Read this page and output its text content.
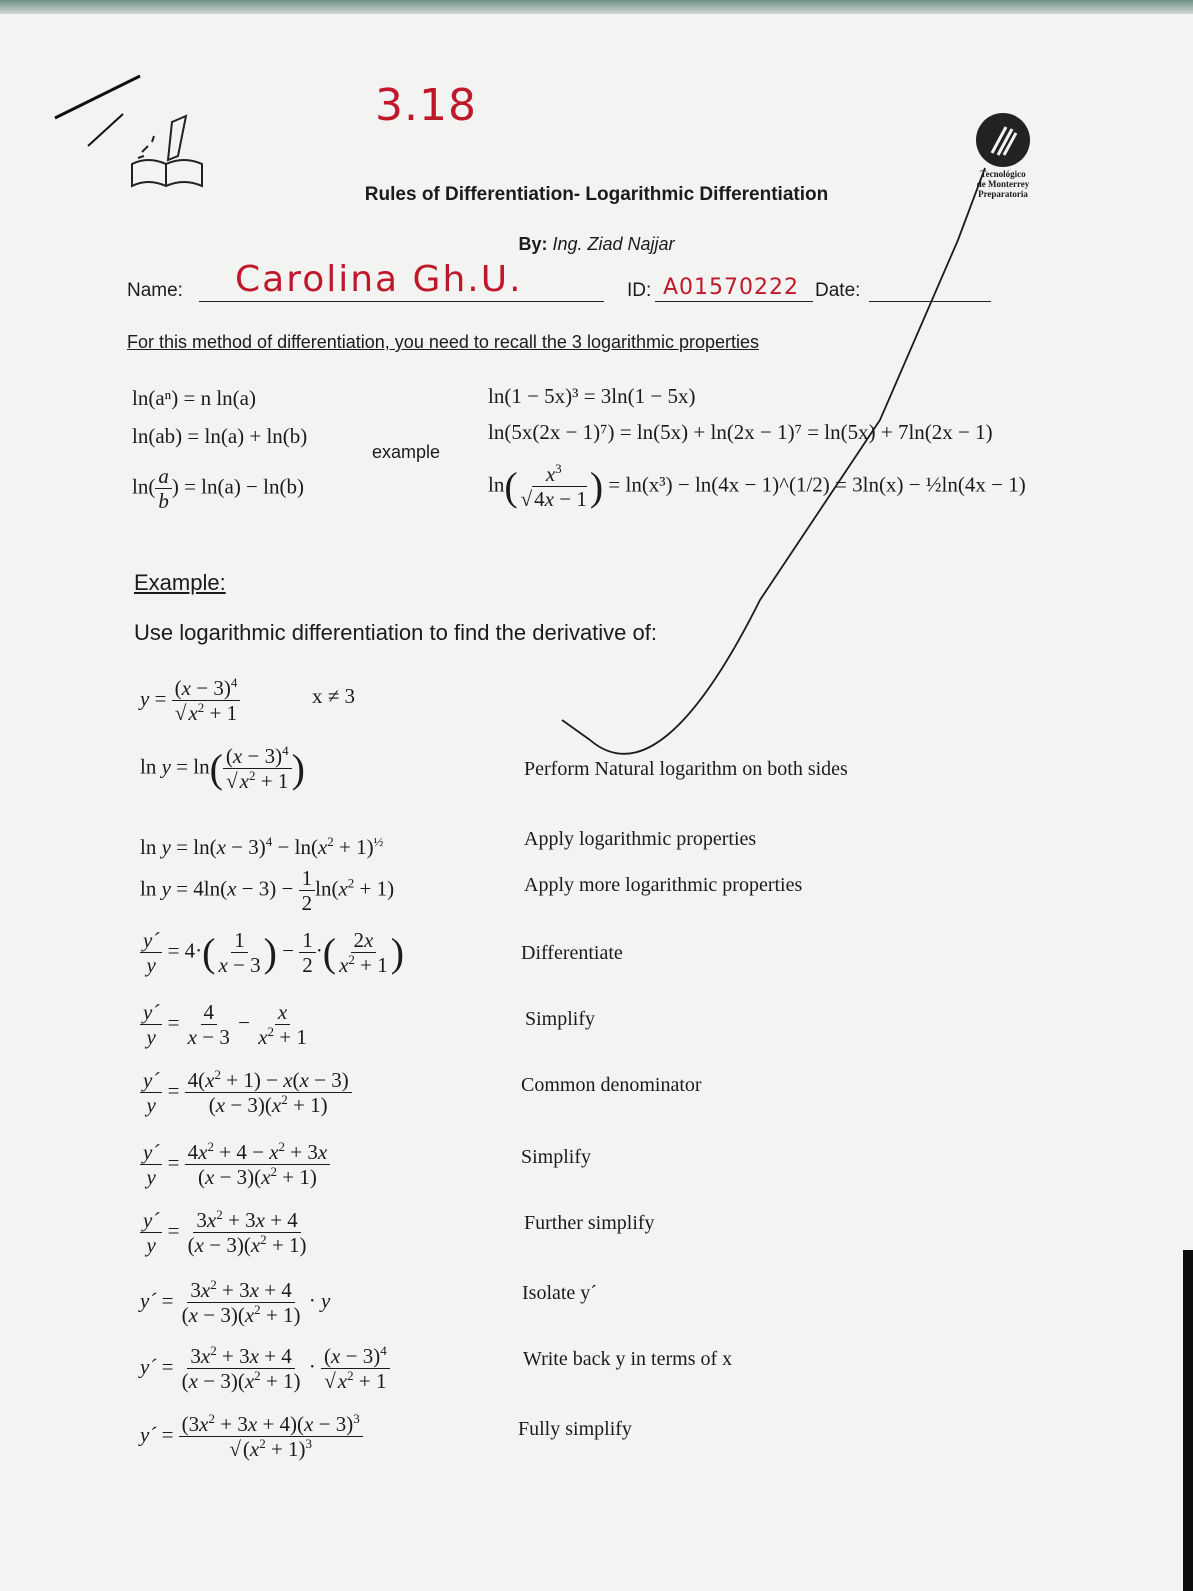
3.18
Tecnológico
de Monterrey
Preparatoria
Rules of Differentiation- Logarithmic Differentiation
By: Ing. Ziad Najjar
Name: Carolina Gh.U.	ID: A01570222 Date:
For this method of differentiation, you need to recall the 3 logarithmic properties
ln(aⁿ) = n ln(a)
ln(ab) = ln(a) + ln(b)
$\ln( \frac{a}{b}$ ) = ln(a) − ln(b)
example
ln(1 − 5x)³ = 3ln(1 − 5x)
ln(5x(2x − 1)⁷) = ln(5x) + ln(2x − 1)⁷ = ln(5x) + 7ln(2x − 1)
$\ln( \frac{x^3}{√4x - 1}$ ) = ln(x³) − ln(4x − 1)^(1/2) = 3ln(x) − ½ln(4x − 1)
Example:
Use logarithmic differentiation to find the derivative of:
$y = \frac{(x - 3)^4}{√x^2 + 1}$	x ≠ 3
$\ln y = \ln( \frac{(x - 3)^4}{√x^2 + 1}$ )	Perform Natural logarithm on both sides
$\ln y = \ln(x - 3)^4 - \ln(x^2 + 1)^{\frac{1}{2}}$	Apply logarithmic properties
$\ln y = 4\ln(x - 3) - \frac{1}{2} \ln(x^2 + 1)$	Apply more logarithmic properties
$\frac{y´}{y} = 4\cdot( \frac{1}{x - 3}$ ) − $\frac{1}{2}$ ·( $\frac{2x}{x^2 + 1}$ )	Differentiate
$\frac{y´}{y} = \frac{4}{x - 3} - \frac{x}{x^2 + 1}$	Simplify
$\frac{y´}{y} = \frac{4(x^2 + 1) - x(x - 3)}{(x - 3)(x^2 + 1)}$	Common denominator
$\frac{y´}{y} = \frac{4x^2 + 4 - x^2 + 3x}{(x - 3)(x^2 + 1)}$	Simplify
$\frac{y´}{y} = \frac{3x^2 + 3x + 4}{(x - 3)(x^2 + 1)}$	Further simplify
y´ = $\frac{3x^2 + 3x + 4}{(x - 3)(x^2 + 1)} \cdot y$	Isolate y´
y´ = $\frac{3x^2 + 3x + 4}{(x - 3)(x^2 + 1)} \cdot \frac{(x - 3)^4}{√x^2 + 1}$	Write back y in terms of x
y´ = $\frac{(3x^2 + 3x + 4)(x - 3)^3}{√(x^2 + 1)^3}$	Fully simplify
